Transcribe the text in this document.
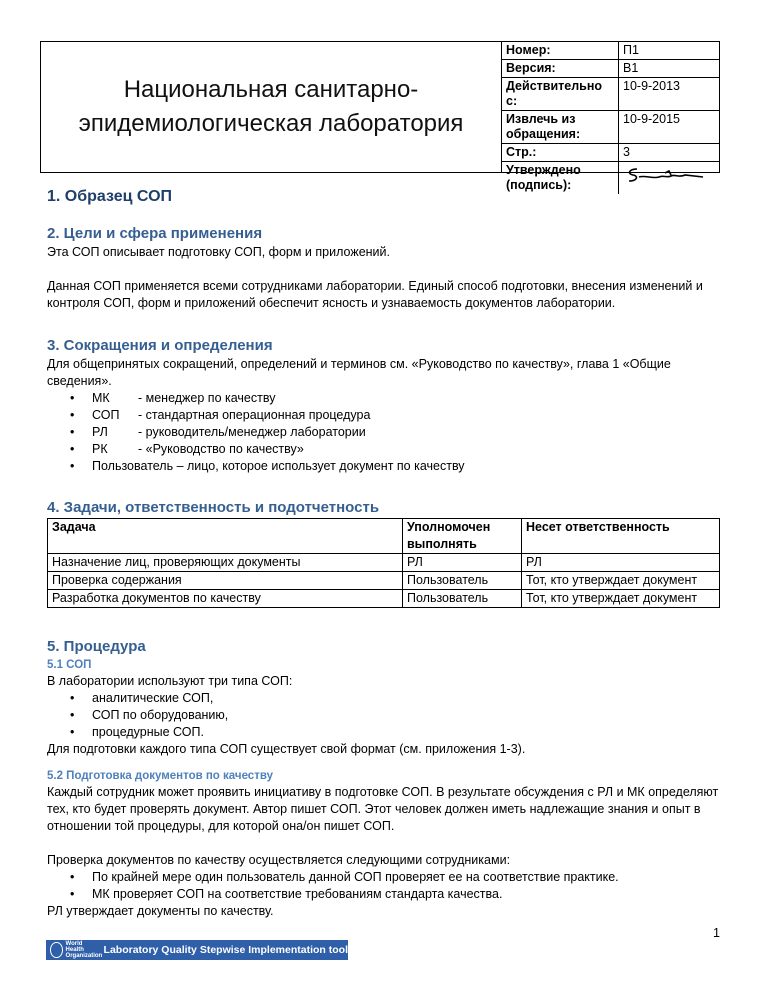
Национальная санитарно-
эпидемиологическая лаборатория
Номер:	П1
Версия:	В1
Действительно с:	10-9-2013
Извлечь из обращения:	10-9-2015
Стр.:	3
Утверждено (подпись):	
1. Образец СОП
2. Цели и сфера применения

Эта СОП описывает подготовку СОП, форм и приложений.

Данная СОП применяется всеми сотрудниками лаборатории. Единый способ подготовки, внесения изменений и контроля СОП, форм и приложений обеспечит ясность и узнаваемость документов лаборатории.

3. Сокращения и определения

Для общепринятых сокращений, определений и терминов см. «Руководство по качеству», глава 1 «Общие сведения».

• МК - менеджер по качеству
• СОП - стандартная операционная процедура
• РЛ - руководитель/менеджер лаборатории
• РК - «Руководство по качеству»
• Пользователь – лицо, которое использует документ по качеству
4. Задачи, ответственность и подотчетность
Задача	Уполномочен выполнять	Несет ответственность
Назначение лиц, проверяющих документы	РЛ	РЛ
Проверка содержания	Пользователь	Тот, кто утверждает документ
Разработка документов по качеству	Пользователь	Тот, кто утверждает документ
5. Процедура
5.1 СОП

В лаборатории используют три типа СОП:

• аналитические СОП,
• СОП по оборудованию,
• процедурные СОП.

Для подготовки каждого типа СОП существует свой формат (см. приложения 1-3).

5.2 Подготовка документов по качеству

Каждый сотрудник может проявить инициативу в подготовке СОП. В результате обсуждения с РЛ и МК определяют тех, кто будет проверять документ. Автор пишет СОП. Этот человек должен иметь надлежащие знания и опыт в отношении той процедуры, для которой она/он пишет СОП.

Проверка документов по качеству осуществляется следующими сотрудниками:

• По крайней мере один пользователь данной СОП проверяет ее на соответствие практике.
• МК проверяет СОП на соответствие требованиям стандарта качества.

РЛ утверждает документы по качеству.

1
World Health Organization Laboratory Quality Stepwise Implementation tool
